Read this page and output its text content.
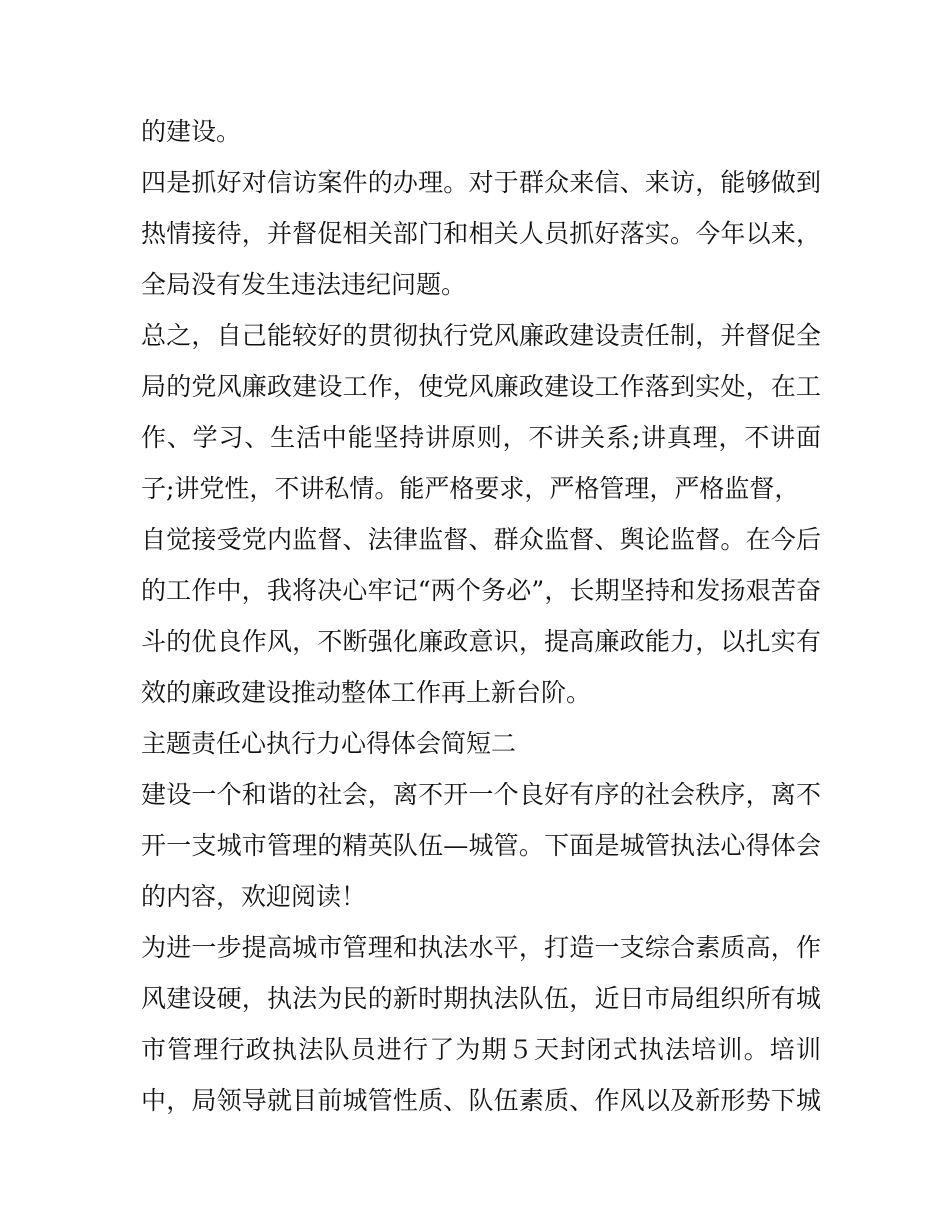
的建设。
四是抓好对信访案件的办理。对于群众来信、来访，能够做到
热情接待，并督促相关部门和相关人员抓好落实。今年以来，
全局没有发生违法违纪问题。
总之，自己能较好的贯彻执行党风廉政建设责任制，并督促全
局的党风廉政建设工作，使党风廉政建设工作落到实处，在工
作、学习、生活中能坚持讲原则，不讲关系;讲真理，不讲面
子;讲党性，不讲私情。能严格要求，严格管理，严格监督，
自觉接受党内监督、法律监督、群众监督、舆论监督。在今后
的工作中，我将决心牢记“两个务必”，长期坚持和发扬艰苦奋
斗的优良作风，不断强化廉政意识，提高廉政能力，以扎实有
效的廉政建设推动整体工作再上新台阶。
主题责任心执行力心得体会简短二
建设一个和谐的社会，离不开一个良好有序的社会秩序，离不
开一支城市管理的精英队伍—城管。下面是城管执法心得体会
的内容，欢迎阅读！
为进一步提高城市管理和执法水平，打造一支综合素质高，作
风建设硬，执法为民的新时期执法队伍，近日市局组织所有城
市管理行政执法队员进行了为期５天封闭式执法培训。培训
中，局领导就目前城管性质、队伍素质、作风以及新形势下城
